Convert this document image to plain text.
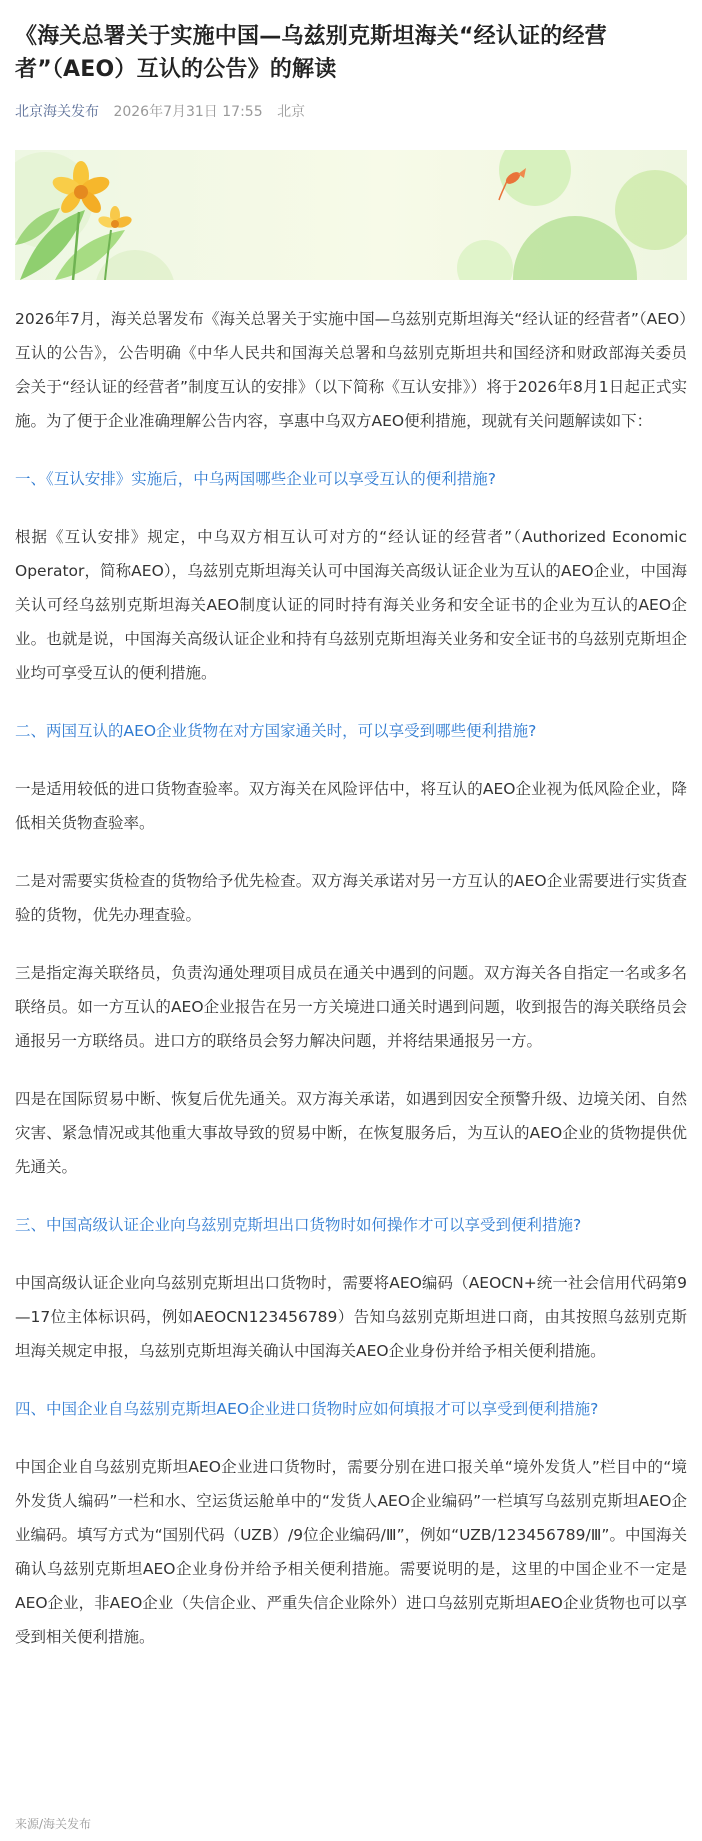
《海关总署关于实施中国—乌兹别克斯坦海关“经认证的经营者”（AEO）互认的公告》的解读
北京海关发布 2026年7月31日 17:55 北京

2026年7月，海关总署发布《海关总署关于实施中国—乌兹别克斯坦海关“经认证的经营者”（AEO）互认的公告》，公告明确《中华人民共和国海关总署和乌兹别克斯坦共和国经济和财政部海关委员会关于“经认证的经营者”制度互认的安排》（以下简称《互认安排》）将于2026年8月1日起正式实施。为了便于企业准确理解公告内容，享惠中乌双方AEO便利措施，现就有关问题解读如下：

一、《互认安排》实施后，中乌两国哪些企业可以享受互认的便利措施?

根据《互认安排》规定，中乌双方相互认可对方的“经认证的经营者”（Authorized Economic Operator，简称AEO），乌兹别克斯坦海关认可中国海关高级认证企业为互认的AEO企业，中国海关认可经乌兹别克斯坦海关AEO制度认证的同时持有海关业务和安全证书的企业为互认的AEO企业。也就是说，中国海关高级认证企业和持有乌兹别克斯坦海关业务和安全证书的乌兹别克斯坦企业均可享受互认的便利措施。

二、两国互认的AEO企业货物在对方国家通关时，可以享受到哪些便利措施?

一是适用较低的进口货物查验率。双方海关在风险评估中，将互认的AEO企业视为低风险企业，降低相关货物查验率。

二是对需要实货检查的货物给予优先检查。双方海关承诺对另一方互认的AEO企业需要进行实货查验的货物，优先办理查验。

三是指定海关联络员，负责沟通处理项目成员在通关中遇到的问题。双方海关各自指定一名或多名联络员。如一方互认的AEO企业报告在另一方关境进口通关时遇到问题，收到报告的海关联络员会通报另一方联络员。进口方的联络员会努力解决问题，并将结果通报另一方。

四是在国际贸易中断、恢复后优先通关。双方海关承诺，如遇到因安全预警升级、边境关闭、自然灾害、紧急情况或其他重大事故导致的贸易中断，在恢复服务后，为互认的AEO企业的货物提供优先通关。

三、中国高级认证企业向乌兹别克斯坦出口货物时如何操作才可以享受到便利措施?

中国高级认证企业向乌兹别克斯坦出口货物时，需要将AEO编码（AEOCN+统一社会信用代码第9—17位主体标识码，例如AEOCN123456789）告知乌兹别克斯坦进口商，由其按照乌兹别克斯坦海关规定申报，乌兹别克斯坦海关确认中国海关AEO企业身份并给予相关便利措施。

四、中国企业自乌兹别克斯坦AEO企业进口货物时应如何填报才可以享受到便利措施?

中国企业自乌兹别克斯坦AEO企业进口货物时，需要分别在进口报关单“境外发货人”栏目中的“境外发货人编码”一栏和水、空运货运舱单中的“发货人AEO企业编码”一栏填写乌兹别克斯坦AEO企业编码。填写方式为“国别代码（UZB）/9位企业编码/Ⅲ”，例如“UZB/123456789/Ⅲ”。中国海关确认乌兹别克斯坦AEO企业身份并给予相关便利措施。需要说明的是，这里的中国企业不一定是AEO企业，非AEO企业（失信企业、严重失信企业除外）进口乌兹别克斯坦AEO企业货物也可以享受到相关便利措施。

来源/海关发布
